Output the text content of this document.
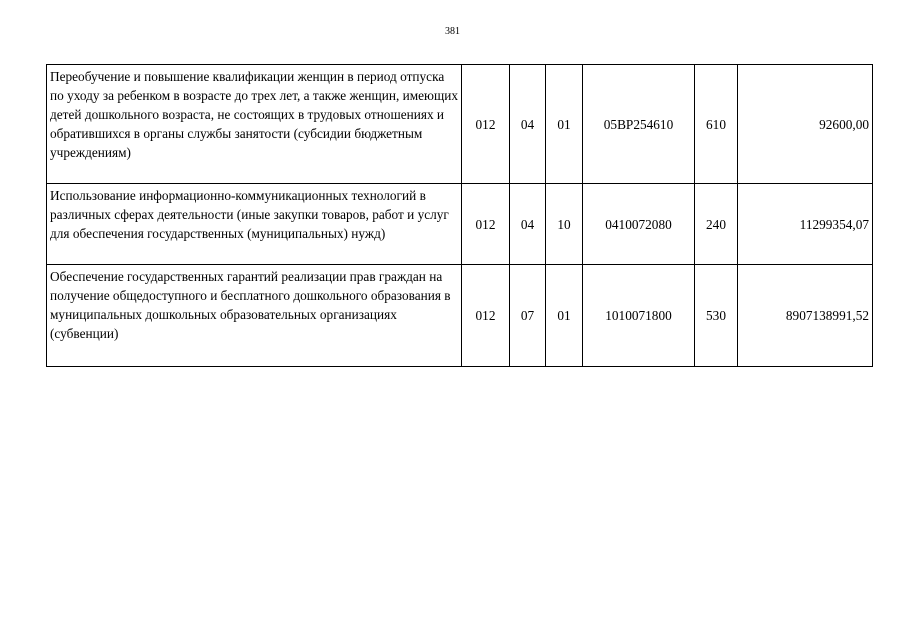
381
Переобучение и повышение квалификации женщин в период отпуска по уходу за ребенком в возрасте до трех лет, а также женщин, имеющих детей дошкольного возраста, не состоящих в трудовых отношениях и обратившихся в органы службы занятости (субсидии бюджетным учреждениям)	012	04	01	05ВР254610	610	92600,00
Использование информационно-коммуникационных технологий в различных сферах деятельности (иные закупки товаров, работ и услуг для обеспечения государственных (муниципальных) нужд)	012	04	10	0410072080	240	11299354,07
Обеспечение государственных гарантий реализации прав граждан на получение общедоступного и бесплатного дошкольного образования в муниципальных дошкольных образовательных организациях (субвенции)	012	07	01	1010071800	530	8907138991,52
